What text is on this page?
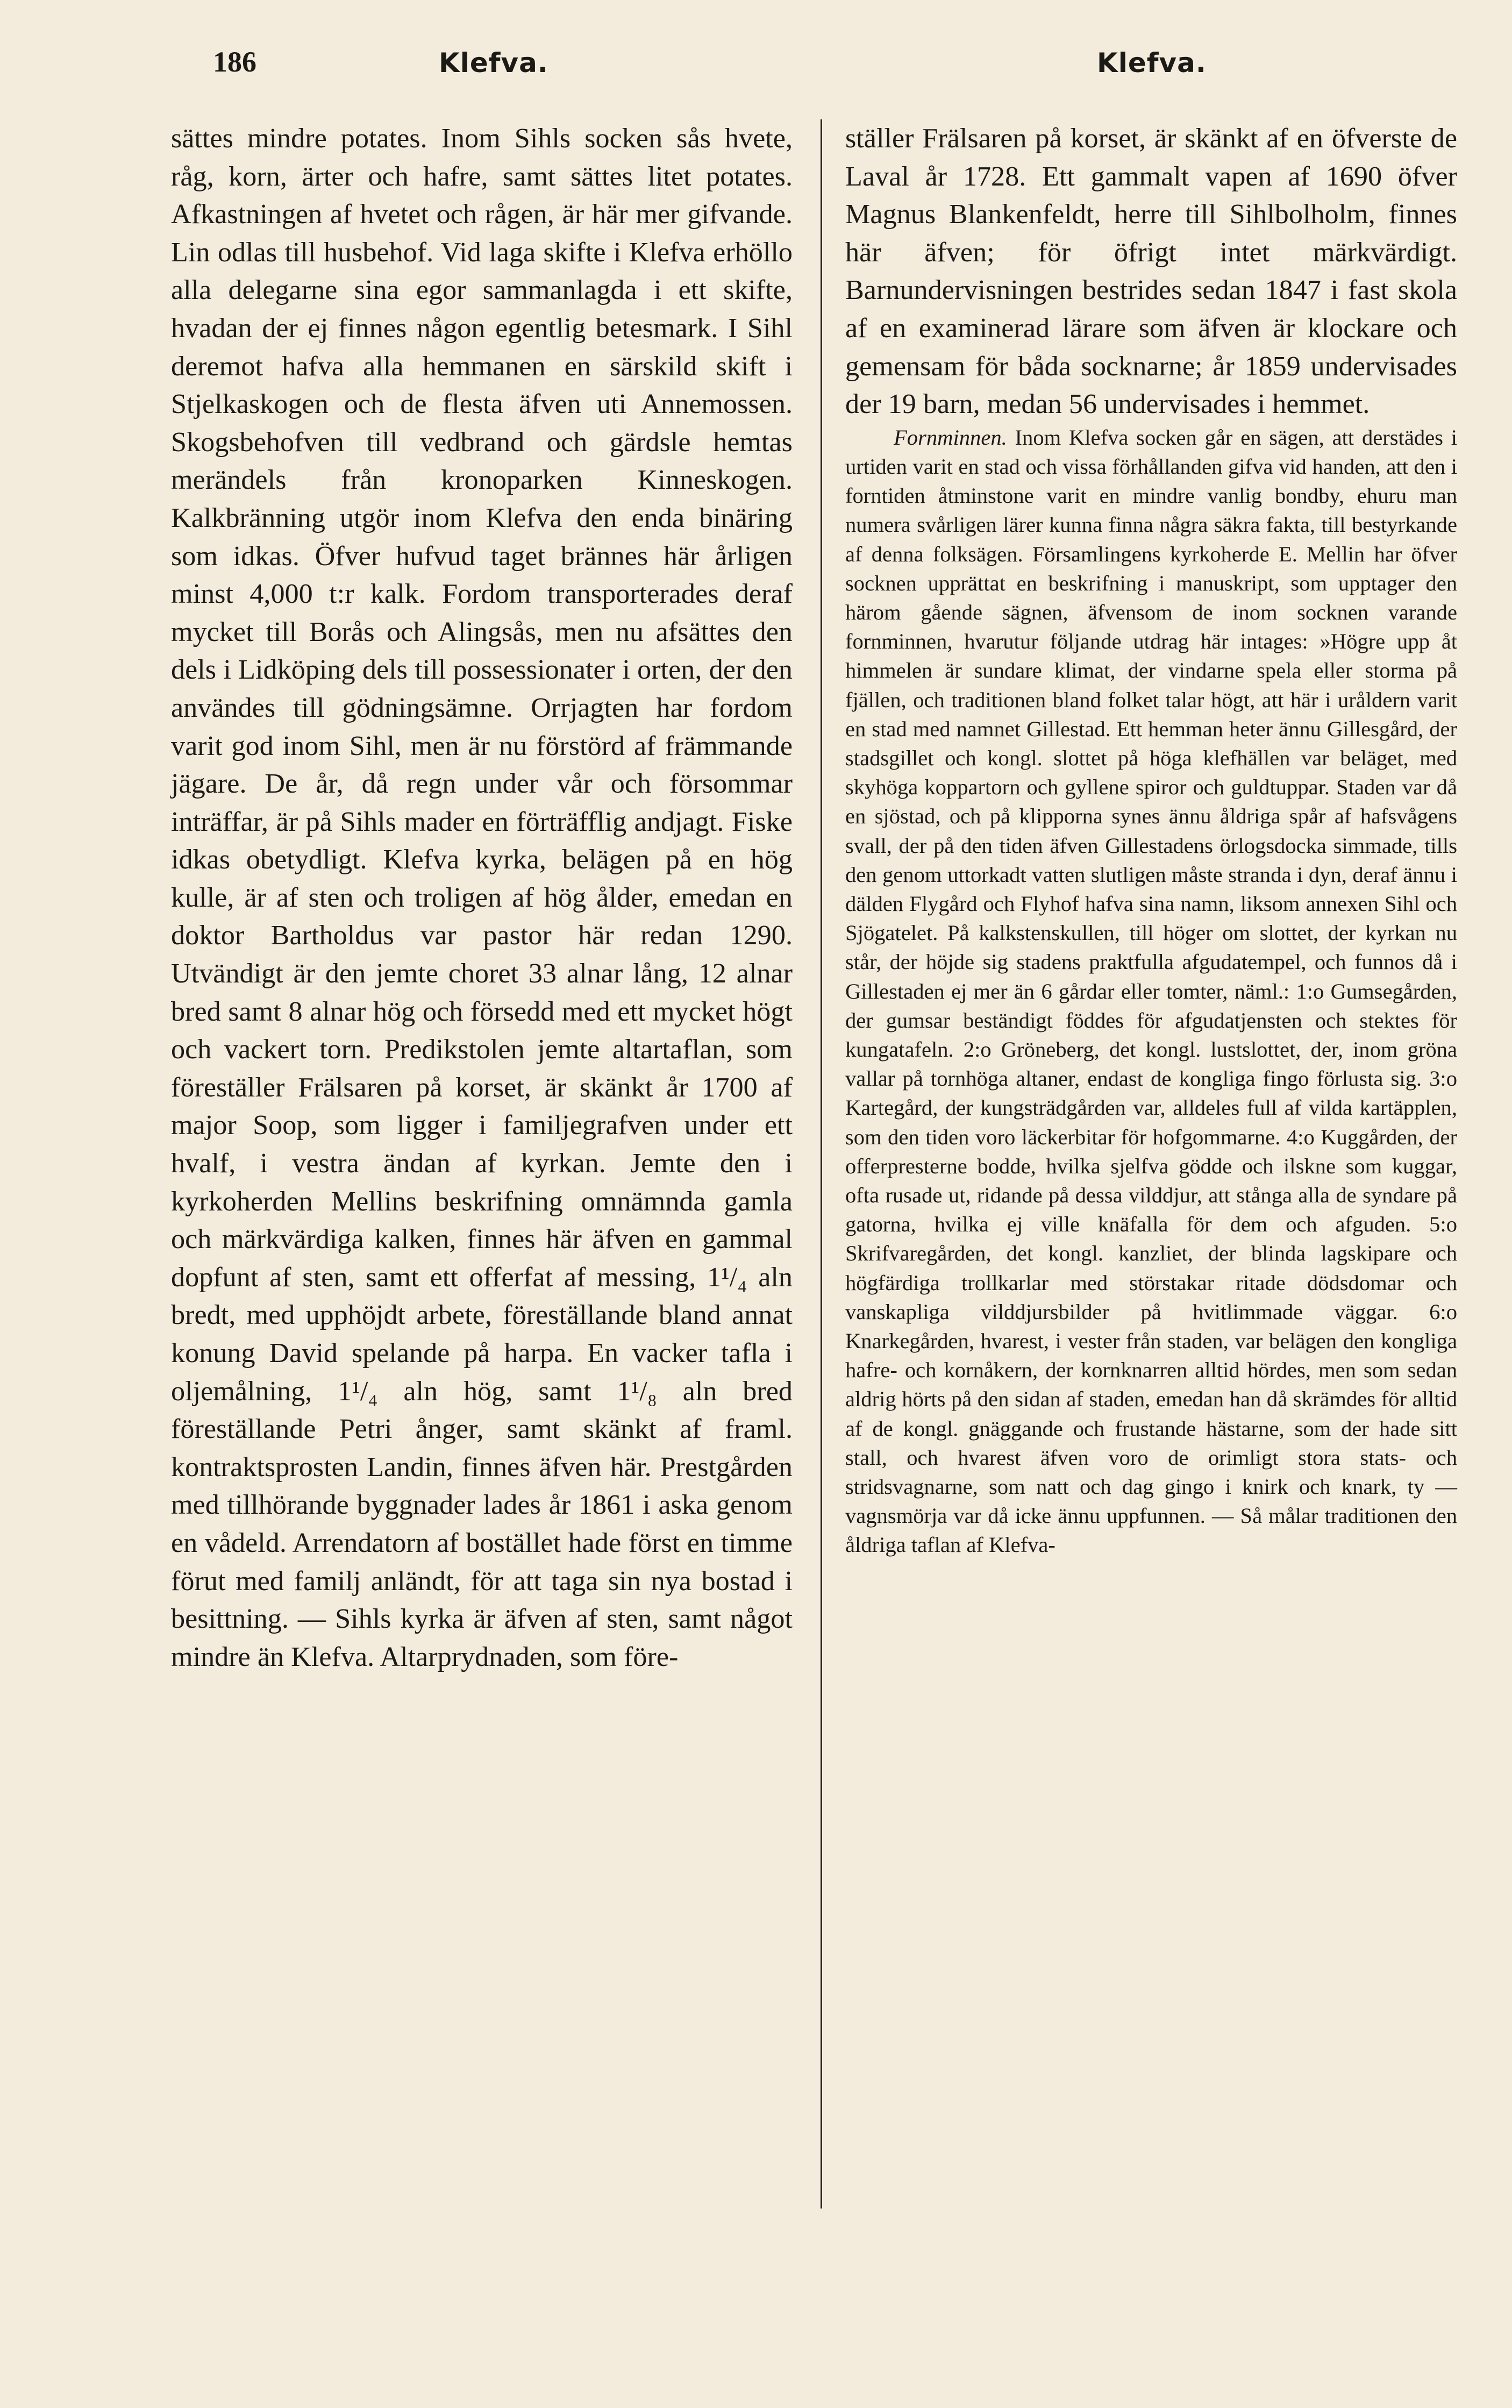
186	Klefva.	Klefva.

sättes mindre potates. Inom Sihls socken sås hvete, råg, korn, ärter och hafre, samt sättes litet potates. Afkastningen af hvetet och rågen, är här mer gifvande. Lin odlas till husbehof. Vid laga skifte i Klefva erhöllo alla delegarne sina egor sammanlagda i ett skifte, hvadan der ej finnes någon egentlig betesmark. I Sihl deremot hafva alla hemmanen en särskild skift i Stjelkaskogen och de flesta äfven uti Annemossen. Skogsbehofven till vedbrand och gärdsle hemtas merändels från kronoparken Kinneskogen. Kalkbränning utgör inom Klefva den enda binäring som idkas. Öfver hufvud taget brännes här årligen minst 4,000 t:r kalk. Fordom transporterades deraf mycket till Borås och Alingsås, men nu afsättes den dels i Lidköping dels till possessionater i orten, der den användes till gödningsämne. Orrjagten har fordom varit god inom Sihl, men är nu förstörd af främmande jägare. De år, då regn under vår och försommar inträffar, är på Sihls mader en förträfflig andjagt. Fiske idkas obetydligt. Klefva kyrka, belägen på en hög kulle, är af sten och troligen af hög ålder, emedan en doktor Bartholdus var pastor här redan 1290. Utvändigt är den jemte choret 33 alnar lång, 12 alnar bred samt 8 alnar hög och försedd med ett mycket högt och vackert torn. Predikstolen jemte altartaflan, som föreställer Frälsaren på korset, är skänkt år 1700 af major Soop, som ligger i familjegrafven under ett hvalf, i vestra ändan af kyrkan. Jemte den i kyrkoherden Mellins beskrifning omnämnda gamla och märkvärdiga kalken, finnes här äfven en gammal dopfunt af sten, samt ett offerfat af messing, 1¹/₄ aln bredt, med upphöjdt arbete, föreställande bland annat konung David spelande på harpa. En vacker tafla i oljemålning, 1¹/₄ aln hög, samt 1¹/₈ aln bred föreställande Petri ånger, samt skänkt af framl. kontraktsprosten Landin, finnes äfven här. Prestgården med tillhörande byggnader lades år 1861 i aska genom en vådeld. Arrendatorn af bostället hade först en timme förut med familj anländt, för att taga sin nya bostad i besittning. — Sihls kyrka är äfven af sten, samt något mindre än Klefva. Altarprydnaden, som före-

ställer Frälsaren på korset, är skänkt af en öfverste de Laval år 1728. Ett gammalt vapen af 1690 öfver Magnus Blankenfeldt, herre till Sihlbolholm, finnes här äfven; för öfrigt intet märkvärdigt. Barnundervisningen bestrides sedan 1847 i fast skola af en examinerad lärare som äfven är klockare och gemensam för båda socknarne; år 1859 undervisades der 19 barn, medan 56 undervisades i hemmet.

Fornminnen. Inom Klefva socken går en sägen, att derstädes i urtiden varit en stad och vissa förhållanden gifva vid handen, att den i forntiden åtminstone varit en mindre vanlig bondby, ehuru man numera svårligen lärer kunna finna några säkra fakta, till bestyrkande af denna folksägen. Församlingens kyrkoherde E. Mellin har öfver socknen upprättat en beskrifning i manuskript, som upptager den härom gående sägnen, äfvensom de inom socknen varande fornminnen, hvarutur följande utdrag här intages: »Högre upp åt himmelen är sundare klimat, der vindarne spela eller storma på fjällen, och traditionen bland folket talar högt, att här i uråldern varit en stad med namnet Gillestad. Ett hemman heter ännu Gillesgård, der stadsgillet och kongl. slottet på höga klefhällen var beläget, med skyhöga koppartorn och gyllene spiror och guldtuppar. Staden var då en sjöstad, och på klipporna synes ännu åldriga spår af hafsvågens svall, der på den tiden äfven Gillestadens örlogsdocka simmade, tills den genom uttorkadt vatten slutligen måste stranda i dyn, deraf ännu i dälden Flygård och Flyhof hafva sina namn, liksom annexen Sihl och Sjögatelet. På kalkstenskullen, till höger om slottet, der kyrkan nu står, der höjde sig stadens praktfulla afgudatempel, och funnos då i Gillestaden ej mer än 6 gårdar eller tomter, näml.: 1:o Gumsegården, der gumsar beständigt föddes för afgudatjensten och stektes för kungatafeln. 2:o Gröneberg, det kongl. lustslottet, der, inom gröna vallar på tornhöga altaner, endast de kongliga fingo förlusta sig. 3:o Kartegård, der kungsträdgården var, alldeles full af vilda kartäpplen, som den tiden voro läckerbitar för hofgommarne. 4:o Kuggården, der offerpresterne bodde, hvilka sjelfva gödde och ilskne som kuggar, ofta rusade ut, ridande på dessa vilddjur, att stånga alla de syndare på gatorna, hvilka ej ville knäfalla för dem och afguden. 5:o Skrifvaregården, det kongl. kanzliet, der blinda lagskipare och högfärdiga trollkarlar med störstakar ritade dödsdomar och vanskapliga vilddjursbilder på hvitlimmade väggar. 6:o Knarkegården, hvarest, i vester från staden, var belägen den kongliga hafre- och kornåkern, der kornknarren alltid hördes, men som sedan aldrig hörts på den sidan af staden, emedan han då skrämdes för alltid af de kongl. gnäggande och frustande hästarne, som der hade sitt stall, och hvarest äfven voro de orimligt stora stats- och stridsvagnarne, som natt och dag gingo i knirk och knark, ty — vagnsmörja var då icke ännu uppfunnen. — Så målar traditionen den åldriga taflan af Klefva-
